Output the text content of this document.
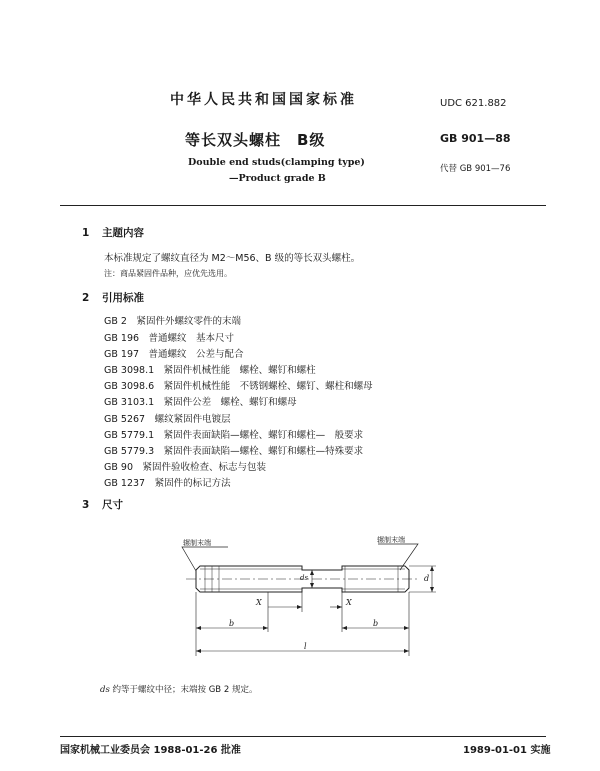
中华人民共和国国家标准	UDC 621.882
等长双头螺柱　B级	GB 901—88
Double end studs(clamping type)
—Product grade B
代替 GB 901—76
1 主题内容
本标准规定了螺纹直径为 M2～M56、B 级的等长双头螺柱。
注：商品紧固件品种，应优先选用。
2 引用标准
GB 2　紧固件外螺纹零件的末端
GB 196　普通螺纹　基本尺寸
GB 197　普通螺纹　公差与配合
GB 3098.1　紧固件机械性能　螺栓、螺钉和螺柱
GB 3098.6　紧固件机械性能　不锈钢螺栓、螺钉、螺柱和螺母
GB 3103.1　紧固件公差　螺栓、螺钉和螺母
GB 5267　螺纹紧固件电镀层
GB 5779.1　紧固件表面缺陷—螺栓、螺钉和螺柱—　般要求
GB 5779.3　紧固件表面缺陷—螺栓、螺钉和螺柱—特殊要求
GB 90　紧固件验收检查、标志与包装
GB 1237　紧固件的标记方法
3 尺寸
辗制末端	辗制末端
ds	d
X	X
b	b
l
ds 约等于螺纹中径；末端按 GB 2 规定。
国家机械工业委员会 1988-01-26 批准	1989-01-01 实施
